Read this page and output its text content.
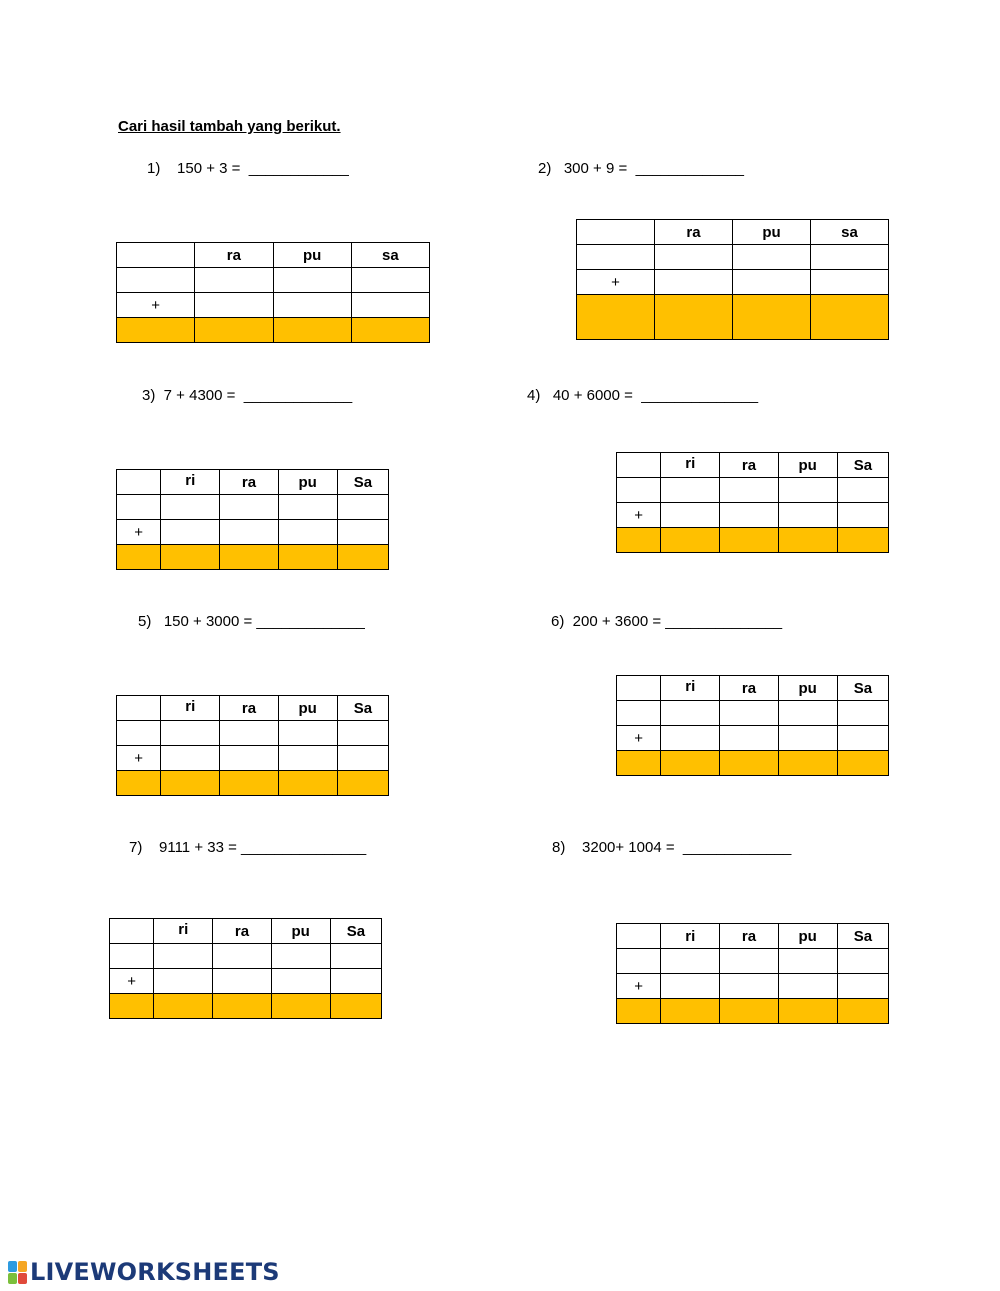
Cari hasil tambah yang berikut.
1)    150 + 3 =  ____________	2)   300 + 9 =  _____________
3)  7 + 4300 =  _____________	4)   40 + 6000 =  ______________
5)   150 + 3000 = _____________	6)  200 + 3600 = ______________
7)    9111 + 33 = _______________	8)    3200+ 1004 =  _____________
	ra	pu	sa

+			

	ra	pu	sa

+			

	ri	ra	pu	Sa

+				

	ri	ra	pu	Sa

+				

	ri	ra	pu	Sa

+				

	ri	ra	pu	Sa

+				

	ri	ra	pu	Sa

+				

	ri	ra	pu	Sa

+				

LIVEWORKSHEETS
